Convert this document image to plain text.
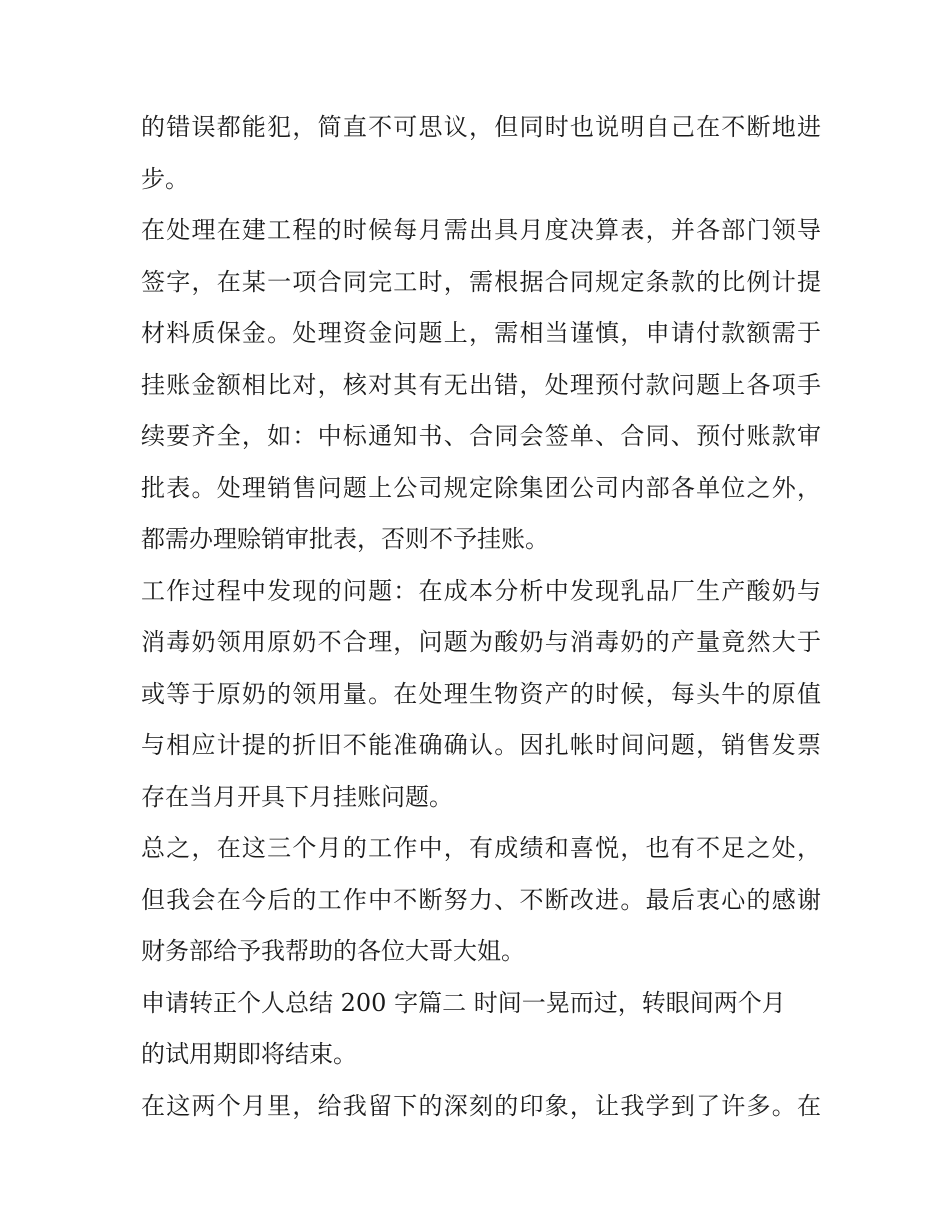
的错误都能犯，简直不可思议，但同时也说明自己在不断地进
步。
在处理在建工程的时候每月需出具月度决算表，并各部门领导
签字，在某一项合同完工时，需根据合同规定条款的比例计提
材料质保金。处理资金问题上，需相当谨慎，申请付款额需于
挂账金额相比对，核对其有无出错，处理预付款问题上各项手
续要齐全，如：中标通知书、合同会签单、合同、预付账款审
批表。处理销售问题上公司规定除集团公司内部各单位之外，
都需办理赊销审批表，否则不予挂账。
工作过程中发现的问题：在成本分析中发现乳品厂生产酸奶与
消毒奶领用原奶不合理，问题为酸奶与消毒奶的产量竟然大于
或等于原奶的领用量。在处理生物资产的时候，每头牛的原值
与相应计提的折旧不能准确确认。因扎帐时间问题，销售发票
存在当月开具下月挂账问题。
总之，在这三个月的工作中，有成绩和喜悦，也有不足之处，
但我会在今后的工作中不断努力、不断改进。最后衷心的感谢
财务部给予我帮助的各位大哥大姐。
申请转正个人总结 200 字篇二 时间一晃而过，转眼间两个月
的试用期即将结束。
在这两个月里，给我留下的深刻的印象，让我学到了许多。在
